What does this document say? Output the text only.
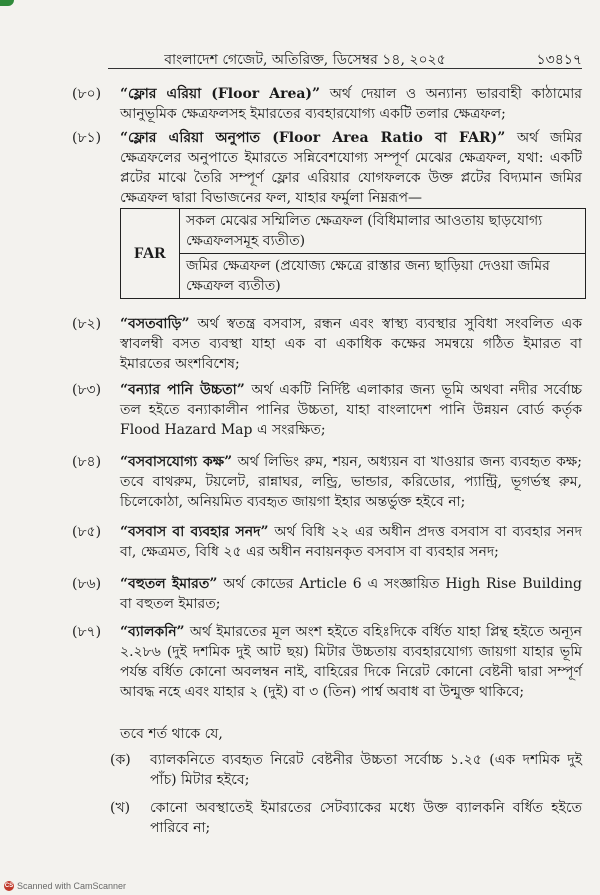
বাংলাদেশ গেজেট, অতিরিক্ত, ডিসেম্বর ১৪, ২০২৫	১৩৪১৭
(৮০)	“ফ্লোর এরিয়া (Floor Area)” অর্থ দেয়াল ও অন্যান্য ভারবাহী কাঠামোর আনুভূমিক ক্ষেত্রফলসহ ইমারতের ব্যবহারযোগ্য একটি তলার ক্ষেত্রফল;
(৮১)	“ফ্লোর এরিয়া অনুপাত (Floor Area Ratio বা FAR)” অর্থ জমির ক্ষেত্রফলের অনুপাতে ইমারতে সন্নিবেশযোগ্য সম্পূর্ণ মেঝের ক্ষেত্রফল, যথা: একটি প্লটের মাঝে তৈরি সম্পূর্ণ ফ্লোর এরিয়ার যোগফলকে উক্ত প্লটের বিদ্যমান জমির ক্ষেত্রফল দ্বারা বিভাজনের ফল, যাহার ফর্মুলা নিম্নরূপ—
FAR	সকল মেঝের সম্মিলিত ক্ষেত্রফল (বিধিমালার আওতায় ছাড়যোগ্য ক্ষেত্রফলসমূহ ব্যতীত)
জমির ক্ষেত্রফল (প্রযোজ্য ক্ষেত্রে রাস্তার জন্য ছাড়িয়া দেওয়া জমির ক্ষেত্রফল ব্যতীত)
(৮২)	“বসতবাড়ি” অর্থ স্বতন্ত্র বসবাস, রন্ধন এবং স্বাস্থ্য ব্যবস্থার সুবিধা সংবলিত এক স্বাবলম্বী বসত ব্যবস্থা যাহা এক বা একাধিক কক্ষের সমন্বয়ে গঠিত ইমারত বা ইমারতের অংশবিশেষ;
(৮৩)	“বন্যার পানি উচ্চতা” অর্থ একটি নির্দিষ্ট এলাকার জন্য ভূমি অথবা নদীর সর্বোচ্চ তল হইতে বন্যাকালীন পানির উচ্চতা, যাহা বাংলাদেশ পানি উন্নয়ন বোর্ড কর্তৃক Flood Hazard Map এ সংরক্ষিত;
(৮৪)	“বসবাসযোগ্য কক্ষ” অর্থ লিভিং রুম, শয়ন, অধ্যয়ন বা খাওয়ার জন্য ব্যবহৃত কক্ষ; তবে বাথরুম, টয়লেট, রান্নাঘর, লন্ড্রি, ভান্ডার, করিডোর, প্যান্ট্রি, ভূগর্ভস্থ রুম, চিলেকোঠা, অনিয়মিত ব্যবহৃত জায়গা ইহার অন্তর্ভুক্ত হইবে না;
(৮৫)	“বসবাস বা ব্যবহার সনদ” অর্থ বিধি ২২ এর অধীন প্রদত্ত বসবাস বা ব্যবহার সনদ বা, ক্ষেত্রমত, বিধি ২৫ এর অধীন নবায়নকৃত বসবাস বা ব্যবহার সনদ;
(৮৬)	“বহুতল ইমারত” অর্থ কোডের Article 6 এ সংজ্ঞায়িত High Rise Building বা বহুতল ইমারত;
(৮৭)	“ব্যালকনি” অর্থ ইমারতের মূল অংশ হইতে বহিঃদিকে বর্ধিত যাহা প্লিন্থ হইতে অন্যূন ২.২৮৬ (দুই দশমিক দুই আট ছয়) মিটার উচ্চতায় ব্যবহারযোগ্য জায়গা যাহার ভূমি পর্যন্ত বর্ধিত কোনো অবলম্বন নাই, বাহিরের দিকে নিরেট কোনো বেষ্টনী দ্বারা সম্পূর্ণ আবদ্ধ নহে এবং যাহার ২ (দুই) বা ৩ (তিন) পার্শ্ব অবাধ বা উন্মুক্ত থাকিবে;
তবে শর্ত থাকে যে,
(ক) ব্যালকনিতে ব্যবহৃত নিরেট বেষ্টনীর উচ্চতা সর্বোচ্চ ১.২৫ (এক দশমিক দুই পাঁচ) মিটার হইবে;
(খ) কোনো অবস্থাতেই ইমারতের সেটব্যাকের মধ্যে উক্ত ব্যালকনি বর্ধিত হইতে পারিবে না;
CS Scanned with CamScanner
